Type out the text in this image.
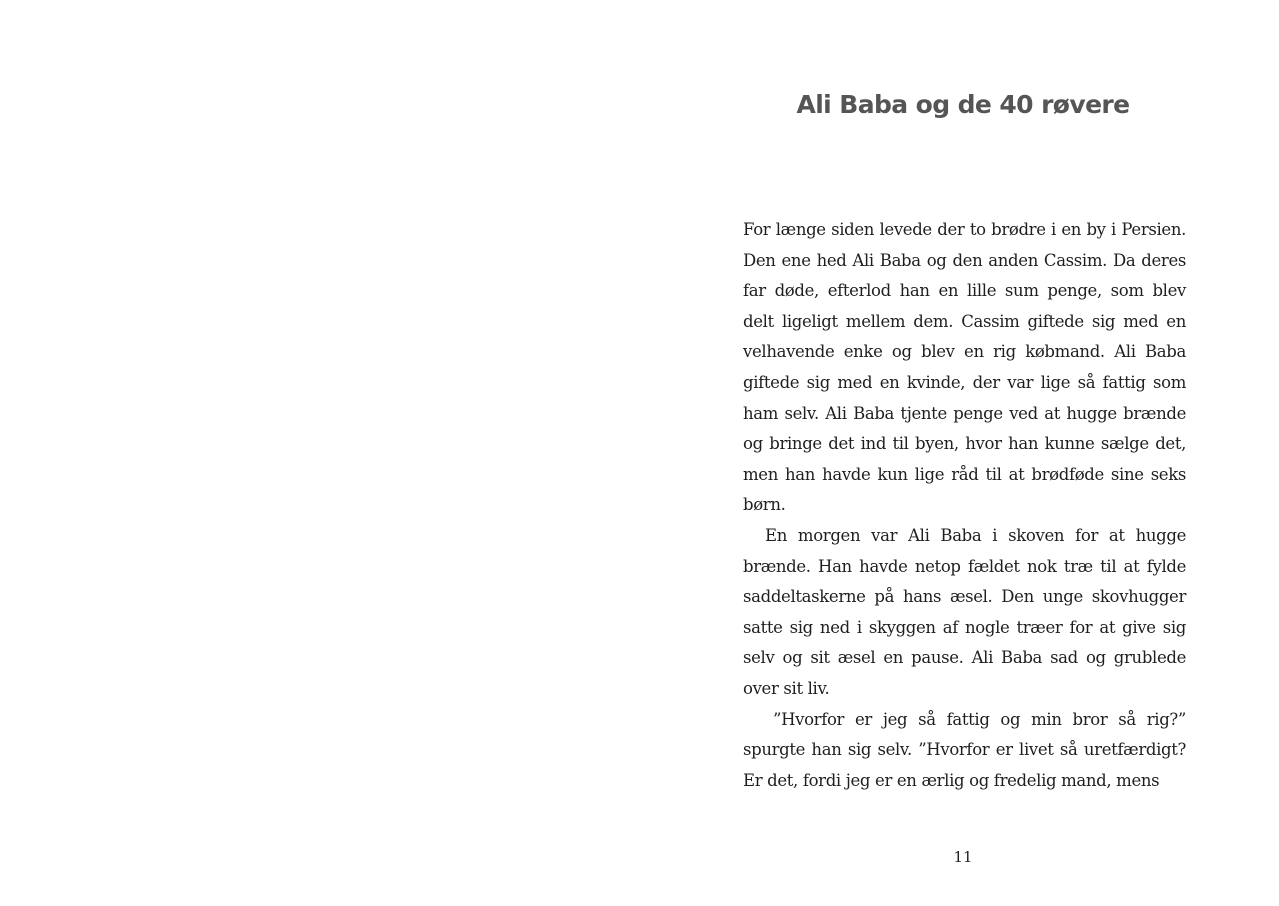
Ali Baba og de 40 røvere

For længe siden levede der to brødre i en by i Persien. Den ene hed Ali Baba og den anden Cassim. Da deres far døde, efterlod han en lille sum penge, som blev delt ligeligt mellem dem. Cassim giftede sig med en velhavende enke og blev en rig købmand. Ali Baba giftede sig med en kvinde, der var lige så fattig som ham selv. Ali Baba tjente penge ved at hugge brænde og bringe det ind til byen, hvor han kunne sælge det, men han havde kun lige råd til at brødføde sine seks børn.

En morgen var Ali Baba i skoven for at hugge brænde. Han havde netop fældet nok træ til at fylde saddeltaskerne på hans æsel. Den unge skovhugger satte sig ned i skyggen af nogle træer for at give sig selv og sit æsel en pause. Ali Baba sad og grublede over sit liv.

”Hvorfor er jeg så fattig og min bror så rig?” spurgte han sig selv. ”Hvorfor er livet så uretfærdigt? Er det, fordi jeg er en ærlig og fredelig mand, mens

11
